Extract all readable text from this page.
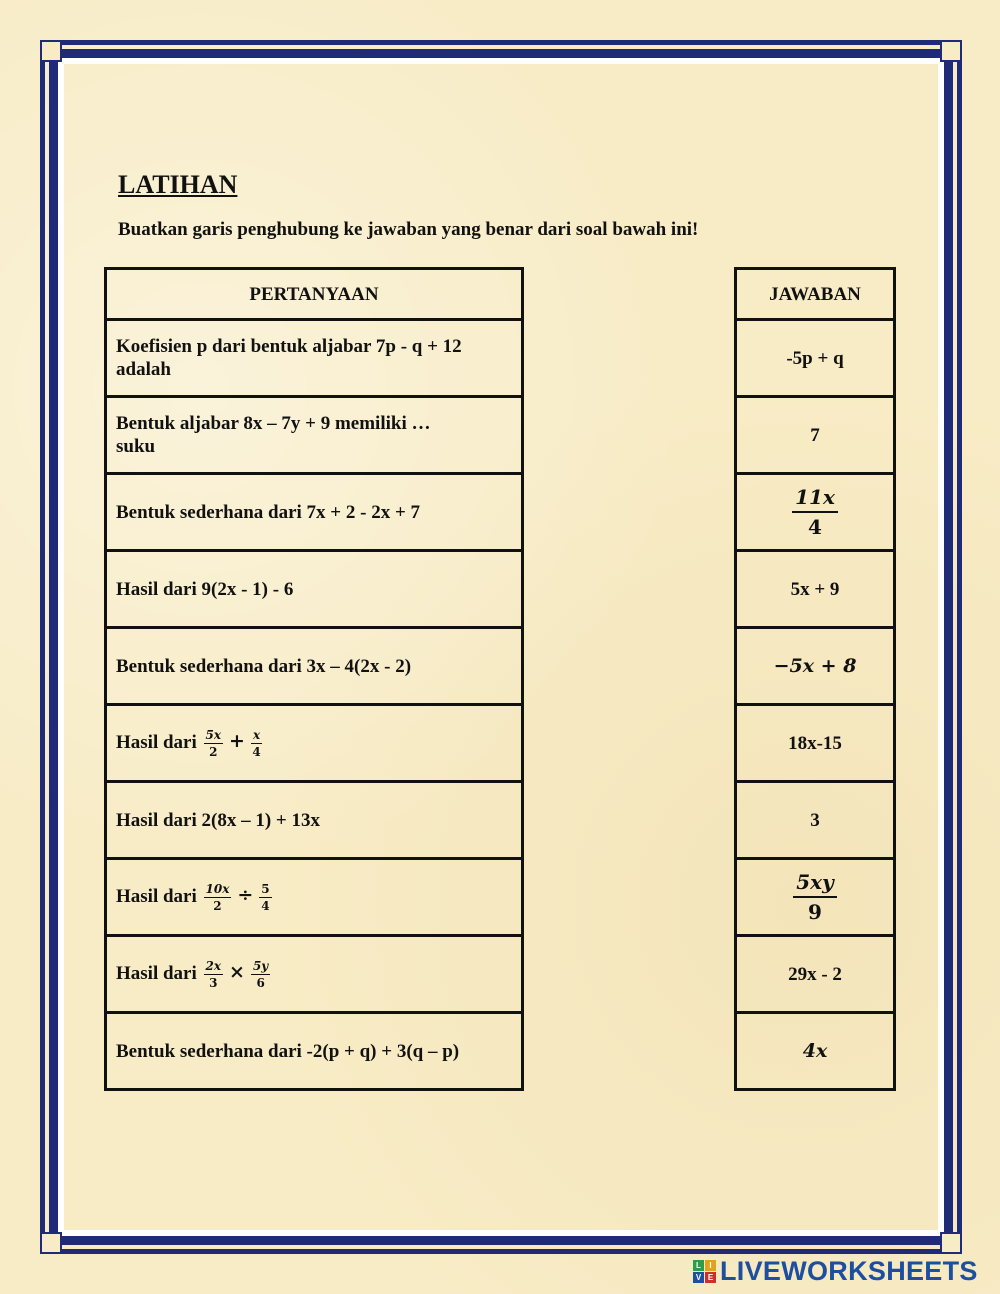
LATIHAN

Buatkan garis penghubung ke jawaban yang benar dari soal bawah ini!

PERTANYAAN
Koefisien p dari bentuk aljabar 7p - q + 12
adalah
Bentuk aljabar 8x – 7y + 9 memiliki …
suku
Bentuk sederhana dari 7x + 2 - 2x + 7
Hasil dari 9(2x - 1) - 6
Bentuk sederhana dari 3x – 4(2x - 2)
Hasil dari $\frac{5x}{2} + \frac{x}{4}$

Hasil dari 2(8x – 1) + 13x
Hasil dari $\frac{10x}{2} \div \frac{5}{4}$

Hasil dari $\frac{2x}{3} \times \frac{5y}{6}$

Bentuk sederhana dari -2(p + q) + 3(q – p)
JAWABAN
-5p + q
7

$\frac{11x}{4}$

5x + 9
−5x + 8
18x-15
3

$\frac{5xy}{9}$

29x - 2
4x
L	I
V E LIVEWORKSHEETS
